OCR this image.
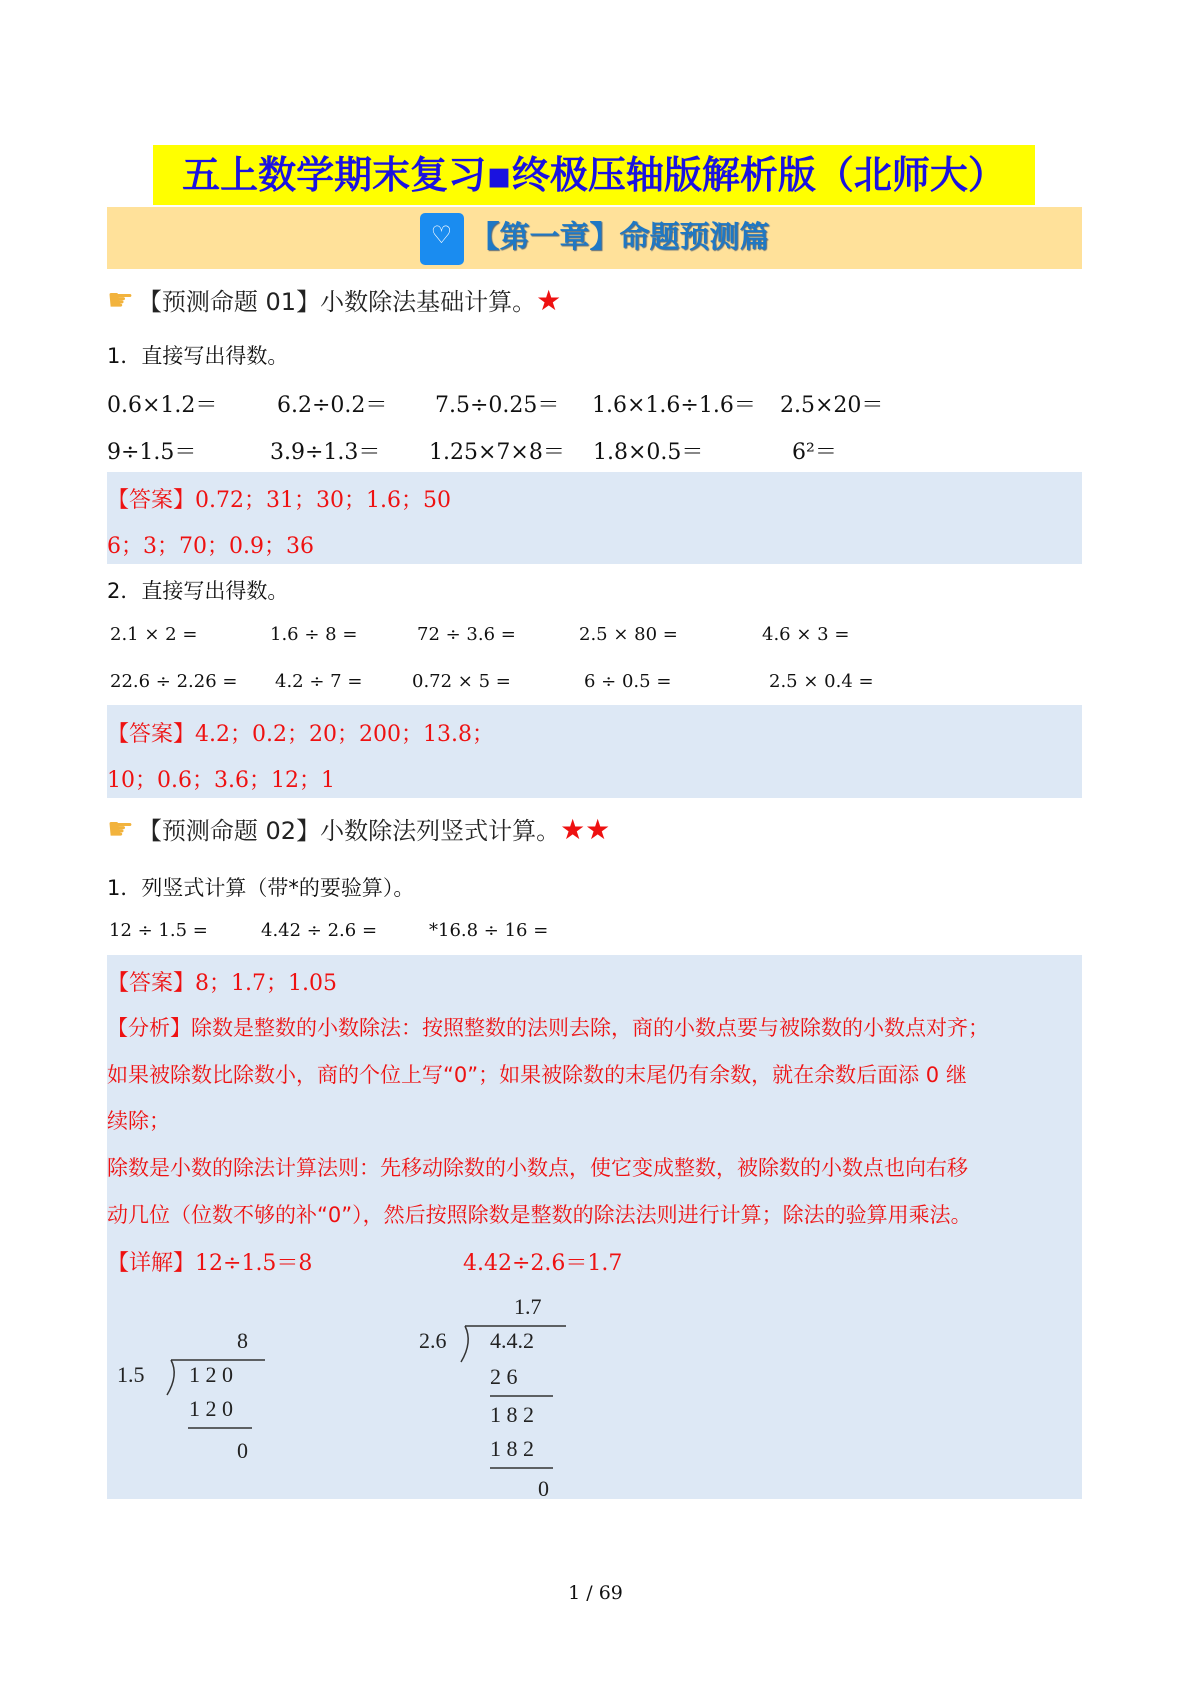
五上数学期末复习▪终极压轴版解析版（北师大）
♡ 【第一章】命题预测篇
☛ 【预测命题 01】小数除法基础计算。★
1．直接写出得数。
0.6×1.2＝	6.2÷0.2＝ 7.5÷0.25＝ 1.6×1.6÷1.6＝ 2.5×20＝
9÷1.5＝	3.9÷1.3＝ 1.25×7×8＝ 1.8×0.5＝	6²＝
【答案】0.72；31；30；1.6；50
6；3；70；0.9；36
2．直接写出得数。
2.1 × 2 =	1.6 ÷ 8 =	72 ÷ 3.6 =	2.5 × 80 =	4.6 × 3 =
22.6 ÷ 2.26 = 4.2 ÷ 7 =	0.72 × 5 =	6 ÷ 0.5 =	2.5 × 0.4 =
【答案】4.2；0.2；20；200；13.8；
10；0.6；3.6；12；1
☛ 【预测命题 02】小数除法列竖式计算。★★
1．列竖式计算（带*的要验算）。
12 ÷ 1.5 =	4.42 ÷ 2.6 =	*16.8 ÷ 16 =
【答案】8；1.7；1.05
【分析】除数是整数的小数除法：按照整数的法则去除，商的小数点要与被除数的小数点对齐；
如果被除数比除数小，商的个位上写“0”；如果被除数的末尾仍有余数，就在余数后面添 0 继
续除；
除数是小数的除法计算法则：先移动除数的小数点，使它变成整数，被除数的小数点也向右移
动几位（位数不够的补“0”），然后按照除数是整数的除法法则进行计算；除法的验算用乘法。
【详解】12÷1.5＝8	4.42÷2.6＝1.7
8
1.5 1 2 0
1 2 0
0
1.7
2.6 4.4.2
2 6
1 8 2
1 8 2
0
1 / 69
